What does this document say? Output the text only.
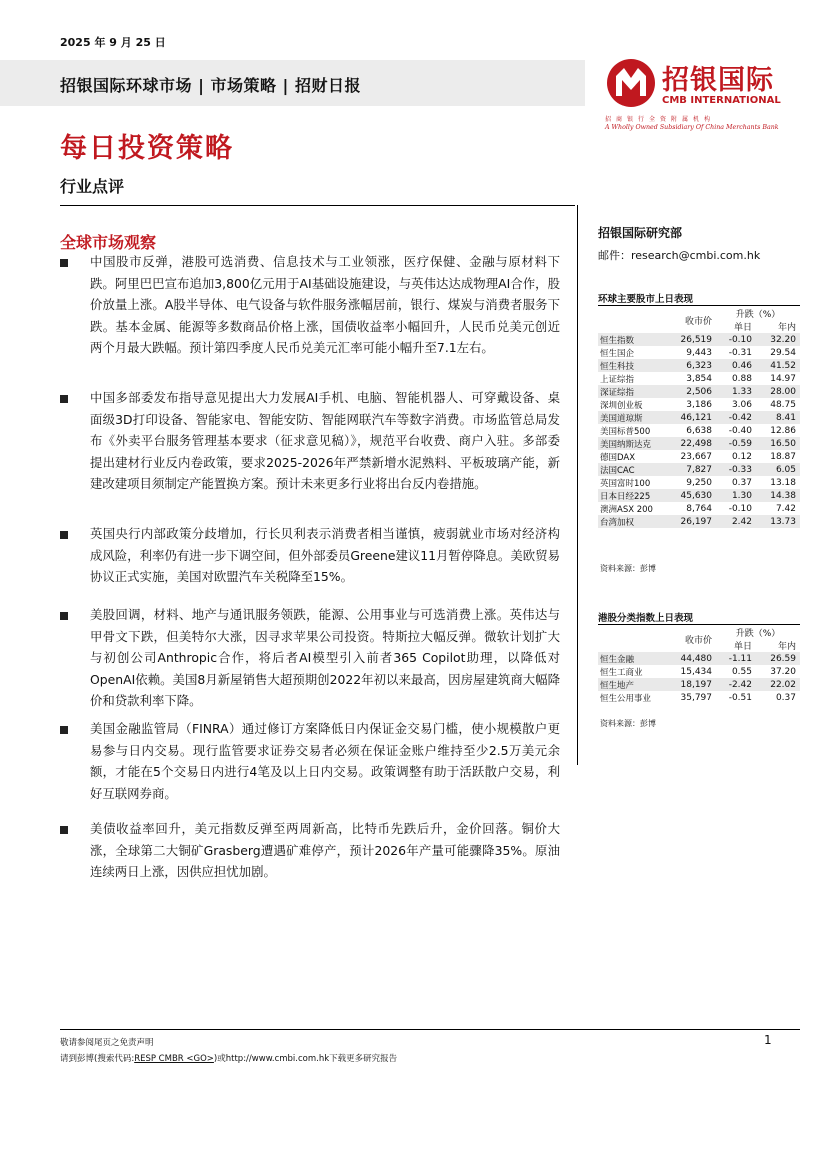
2025 年 9 月 25 日
招银国际环球市场 | 市场策略 | 招财日报	招银国际
CMB INTERNATIONAL
招商银行全资附属机构
A Wholly Owned Subsidiary Of China Merchants Bank
每日投资策略
行业点评
全球市场观察
中国股市反弹，港股可选消费、信息技术与工业领涨，医疗保健、金融与原材料下跌。阿里巴巴宣布追加3,800亿元用于AI基础设施建设，与英伟达达成物理AI合作，股价放量上涨。A股半导体、电气设备与软件服务涨幅居前，银行、煤炭与消费者服务下跌。基本金属、能源等多数商品价格上涨，国债收益率小幅回升，人民币兑美元创近两个月最大跌幅。预计第四季度人民币兑美元汇率可能小幅升至7.1左右。
中国多部委发布指导意见提出大力发展AI手机、电脑、智能机器人、可穿戴设备、桌面级3D打印设备、智能家电、智能安防、智能网联汽车等数字消费。市场监管总局发布《外卖平台服务管理基本要求（征求意见稿）》，规范平台收费、商户入驻。多部委提出建材行业反内卷政策，要求2025-2026年严禁新增水泥熟料、平板玻璃产能，新建改建项目须制定产能置换方案。预计未来更多行业将出台反内卷措施。
英国央行内部政策分歧增加，行长贝利表示消费者相当谨慎，疲弱就业市场对经济构成风险，利率仍有进一步下调空间，但外部委员Greene建议11月暂停降息。美欧贸易协议正式实施，美国对欧盟汽车关税降至15%。
美股回调，材料、地产与通讯服务领跌，能源、公用事业与可选消费上涨。英伟达与甲骨文下跌，但美特尔大涨，因寻求苹果公司投资。特斯拉大幅反弹。微软计划扩大与初创公司Anthropic合作，将后者AI模型引入前者365 Copilot助理，以降低对OpenAI依赖。美国8月新屋销售大超预期创2022年初以来最高，因房屋建筑商大幅降价和贷款利率下降。
美国金融监管局（FINRA）通过修订方案降低日内保证金交易门槛，使小规模散户更易参与日内交易。现行监管要求证券交易者必须在保证金账户维持至少2.5万美元余额，才能在5个交易日内进行4笔及以上日内交易。政策调整有助于活跃散户交易，利好互联网券商。
美债收益率回升，美元指数反弹至两周新高，比特币先跌后升，金价回落。铜价大涨，全球第二大铜矿Grasberg遭遇矿难停产，预计2026年产量可能骤降35%。原油连续两日上涨，因供应担忧加剧。
招银国际研究部
邮件：research@cmbi.com.hk
环球主要股市上日表现
	收市价	升跌（%）	
		单日	年内
恒生指数	26,519	-0.10	32.20
恒生国企	9,443	-0.31	29.54
恒生科技	6,323	0.46	41.52
上证综指	3,854	0.88	14.97
深证综指	2,506	1.33	28.00
深圳创业板	3,186	3.06	48.75
美国道琼斯	46,121	-0.42	8.41
美国标普500	6,638	-0.40	12.86
美国纳斯达克	22,498	-0.59	16.50
德国DAX	23,667	0.12	18.87
法国CAC	7,827	-0.33	6.05
英国富时100	9,250	0.37	13.18
日本日经225	45,630	1.30	14.38
澳洲ASX 200	8,764	-0.10	7.42
台湾加权	26,197	2.42	13.73
资料来源：彭博
港股分类指数上日表现
	收市价	升跌（%）	
		单日	年内
恒生金融	44,480	-1.11	26.59
恒生工商业	15,434	0.55	37.20
恒生地产	18,197	-2.42	22.02
恒生公用事业	35,797	-0.51	0.37
资料来源：彭博
敬请参阅尾页之免责声明
请到彭博(搜索代码:RESP CMBR <GO>)或http://www.cmbi.com.hk下载更多研究报告
1
